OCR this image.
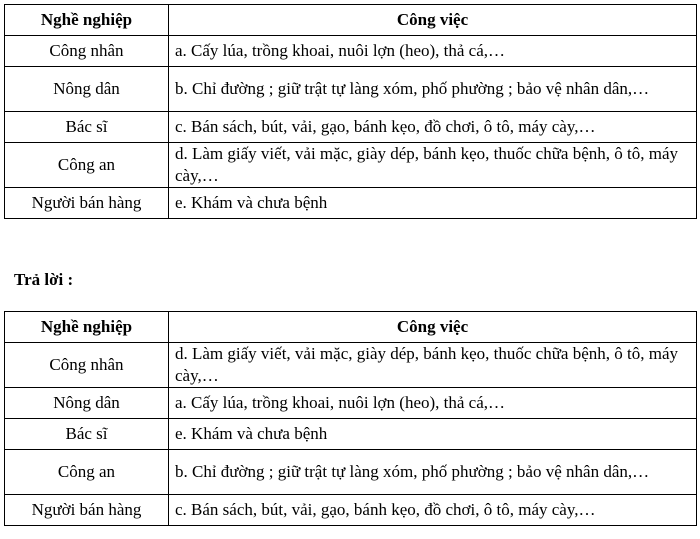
Nghề nghiệp	Công việc
Công nhân	a. Cấy lúa, trồng khoai, nuôi lợn (heo), thả cá,…
Nông dân	b. Chỉ đường ; giữ trật tự làng xóm, phố phường ; bảo vệ nhân dân,…
Bác sĩ	c. Bán sách, bút, vải, gạo, bánh kẹo, đồ chơi, ô tô, máy cày,…
Công an	d. Làm giấy viết, vải mặc, giày dép, bánh kẹo, thuốc chữa bệnh, ô tô, máy cày,…
Người bán hàng	e. Khám và chưa bệnh
Trả lời :
Nghề nghiệp	Công việc
Công nhân	d. Làm giấy viết, vải mặc, giày dép, bánh kẹo, thuốc chữa bệnh, ô tô, máy cày,…
Nông dân	a. Cấy lúa, trồng khoai, nuôi lợn (heo), thả cá,…
Bác sĩ	e. Khám và chưa bệnh
Công an	b. Chỉ đường ; giữ trật tự làng xóm, phố phường ; bảo vệ nhân dân,…
Người bán hàng	c. Bán sách, bút, vải, gạo, bánh kẹo, đồ chơi, ô tô, máy cày,…
